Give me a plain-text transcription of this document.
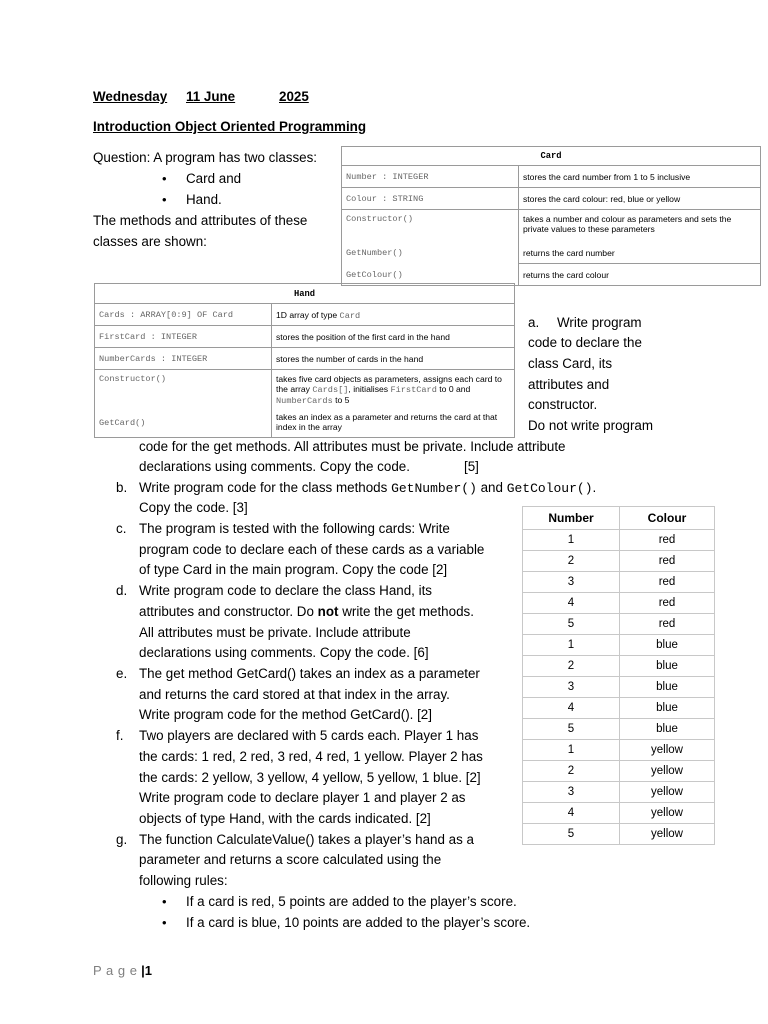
Wednesday 11 June	2025
Introduction Object Oriented Programming
Question: A program has two classes:
• Card and
• Hand.
The methods and attributes of these
classes are shown:
Card	
Number : INTEGER	stores the card number from 1 to 5 inclusive
Colour : STRING	stores the card colour: red, blue or yellow
Constructor()	takes a number and colour as parameters and sets the private values to these parameters
GetNumber()	returns the card number
GetColour()	returns the card colour
Hand	
Cards : ARRAY[0:9] OF Card	1D array of type Card
FirstCard : INTEGER	stores the position of the first card in the hand
NumberCards : INTEGER	stores the number of cards in the hand
Constructor()	takes five card objects as parameters, assigns each card to the array Cards[], initialises FirstCard to 0 and NumberCards to 5
GetCard()	takes an index as a parameter and returns the card at that index in the array
a. Write program
code to declare the
class Card, its
attributes and
constructor.
Do not write program
code for the get methods. All attributes must be private. Include attribute
declarations using comments. Copy the code.	[5]
b. Write program code for the class methods GetNumber() and GetColour().
Copy the code. [3]
c. The program is tested with the following cards: Write
program code to declare each of these cards as a variable
of type Card in the main program. Copy the code [2]
d. Write program code to declare the class Hand, its
attributes and constructor. Do not write the get methods.
All attributes must be private. Include attribute
declarations using comments. Copy the code. [6]
e. The get method GetCard() takes an index as a parameter
and returns the card stored at that index in the array.
Write program code for the method GetCard(). [2]
f. Two players are declared with 5 cards each. Player 1 has
the cards: 1 red, 2 red, 3 red, 4 red, 1 yellow. Player 2 has
the cards: 2 yellow, 3 yellow, 4 yellow, 5 yellow, 1 blue. [2]
Write program code to declare player 1 and player 2 as
objects of type Hand, with the cards indicated. [2]
g. The function CalculateValue() takes a player’s hand as a
parameter and returns a score calculated using the
following rules:
• If a card is red, 5 points are added to the player’s score.
• If a card is blue, 10 points are added to the player’s score.
Number	Colour
1	red
2	red
3	red
4	red
5	red
1	blue
2	blue
3	blue
4	blue
5	blue
1	yellow
2	yellow
3	yellow
4	yellow
5	yellow
P a g e |1
